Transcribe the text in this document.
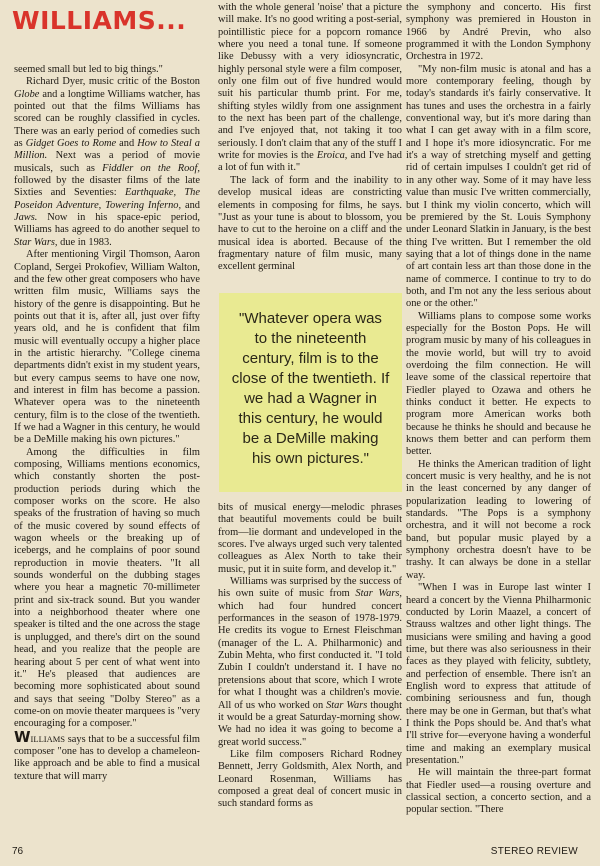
WILLIAMS...

seemed small but led to big things."

Richard Dyer, music critic of the Boston Globe and a longtime Williams watcher, has pointed out that the films Williams has scored can be roughly classified in cycles. There was an early period of comedies such as Gidget Goes to Rome and How to Steal a Million. Next was a period of movie musicals, such as Fiddler on the Roof, followed by the disaster films of the late Sixties and Seventies: Earthquake, The Poseidon Adventure, Towering Inferno, and Jaws. Now in his space-epic period, Williams has agreed to do another sequel to Star Wars, due in 1983.

After mentioning Virgil Thomson, Aaron Copland, Sergei Prokofiev, William Walton, and the few other great composers who have written film music, Williams says the history of the genre is disappointing. But he points out that it is, after all, just over fifty years old, and he is confident that film music will eventually occupy a higher place in the artistic hierarchy. "College cinema departments didn't exist in my student years, but every campus seems to have one now, and interest in film has become a passion. Whatever opera was to the nineteenth century, film is to the close of the twentieth. If we had a Wagner in this century, he would be a DeMille making his own pictures."

Among the difficulties in film composing, Williams mentions economics, which constantly shorten the post-production periods during which the composer works on the score. He also speaks of the frustration of having so much of the music covered by sound effects of wagon wheels or the breaking up of icebergs, and he complains of poor sound reproduction in movie theaters. "It all sounds wonderful on the dubbing stages where you hear a magnetic 70-millimeter print and six-track sound. But you wander into a neighborhood theater where one speaker is tilted and the one across the stage is unplugged, and there's dirt on the sound head, and you realize that the people are hearing about 5 per cent of what went into it." He's pleased that audiences are becoming more sophisticated about sound and says that seeing "Dolby Stereo" as a come-on on movie theater marquees is "very encouraging for a composer."

WILLIAMS says that to be a successful film composer "one has to develop a chameleon-like approach and be able to find a musical texture that will marry

with the whole general 'noise' that a picture will make. It's no good writing a post-serial, pointillistic piece for a popcorn romance where you need a tonal tune. If someone like Debussy with a very idiosyncratic, highly personal style were a film composer, only one film out of five hundred would suit his particular thumb print. For me, shifting styles wildly from one assignment to the next has been part of the challenge, and I've enjoyed that, not taking it too seriously. I don't claim that any of the stuff I write for movies is the Eroica, and I've had a lot of fun with it."

The lack of form and the inability to develop musical ideas are constricting elements in composing for films, he says. "Just as your tune is about to blossom, you have to cut to the heroine on a cliff and the musical idea is aborted. Because of the fragmentary nature of film music, many excellent germinal

"Whatever opera was to the nineteenth century, film is to the close of the twentieth. If we had a Wagner in this century, he would be a DeMille making his own pictures."

bits of musical energy—melodic phrases that beautiful movements could be built from—lie dormant and undeveloped in the scores. I've always urged such very talented colleagues as Alex North to take their music, put it in suite form, and develop it."

Williams was surprised by the success of his own suite of music from Star Wars, which had four hundred concert performances in the season of 1978-1979. He credits its vogue to Ernest Fleischman (manager of the L. A. Philharmonic) and Zubin Mehta, who first conducted it. "I told Zubin I couldn't understand it. I have no pretensions about that score, which I wrote for what I thought was a children's movie. All of us who worked on Star Wars thought it would be a great Saturday-morning show. We had no idea it was going to become a great world success."

Like film composers Richard Rodney Bennett, Jerry Goldsmith, Alex North, and Leonard Rosenman, Williams has composed a great deal of concert music in such standard forms as

the symphony and concerto. His first symphony was premiered in Houston in 1966 by André Previn, who also programmed it with the London Symphony Orchestra in 1972.

"My non-film music is atonal and has a more contemporary feeling, though by today's standards it's fairly conservative. It has tunes and uses the orchestra in a fairly conventional way, but it's more daring than what I can get away with in a film score, and I hope it's more idiosyncratic. For me it's a way of stretching myself and getting rid of certain impulses I couldn't get rid of in any other way. Some of it may have less value than music I've written commercially, but I think my violin concerto, which will be premiered by the St. Louis Symphony under Leonard Slatkin in January, is the best thing I've written. But I remember the old saying that a lot of things done in the name of art contain less art than those done in the name of commerce. I continue to try to do both, and I'm not any the less serious about one or the other."

Williams plans to compose some works especially for the Boston Pops. He will program music by many of his colleagues in the movie world, but will try to avoid overdoing the film connection. He will leave some of the classical repertoire that Fiedler played to Ozawa and others he thinks conduct it better. He expects to program more American works both because he thinks he should and because he knows them better and can perform them better.

He thinks the American tradition of light concert music is very healthy, and he is not in the least concerned by any danger of popularization leading to lowering of standards. "The Pops is a symphony orchestra, and it will not become a rock band, but popular music played by a symphony orchestra doesn't have to be trashy. It can always be done in a stellar way.

"When I was in Europe last winter I heard a concert by the Vienna Philharmonic conducted by Lorin Maazel, a concert of Strauss waltzes and other light things. The musicians were smiling and having a good time, but there was also seriousness in their faces as they played with felicity, subtlety, and perfection of ensemble. There isn't an English word to express that attitude of combining seriousness and fun, though there may be one in German, but that's what I think the Pops should be. And that's what I'll strive for—everyone having a wonderful time and making an exemplary musical presentation."

He will maintain the three-part format that Fiedler used—a rousing overture and classical section, a concerto section, and a popular section. "There

76	STEREO REVIEW
